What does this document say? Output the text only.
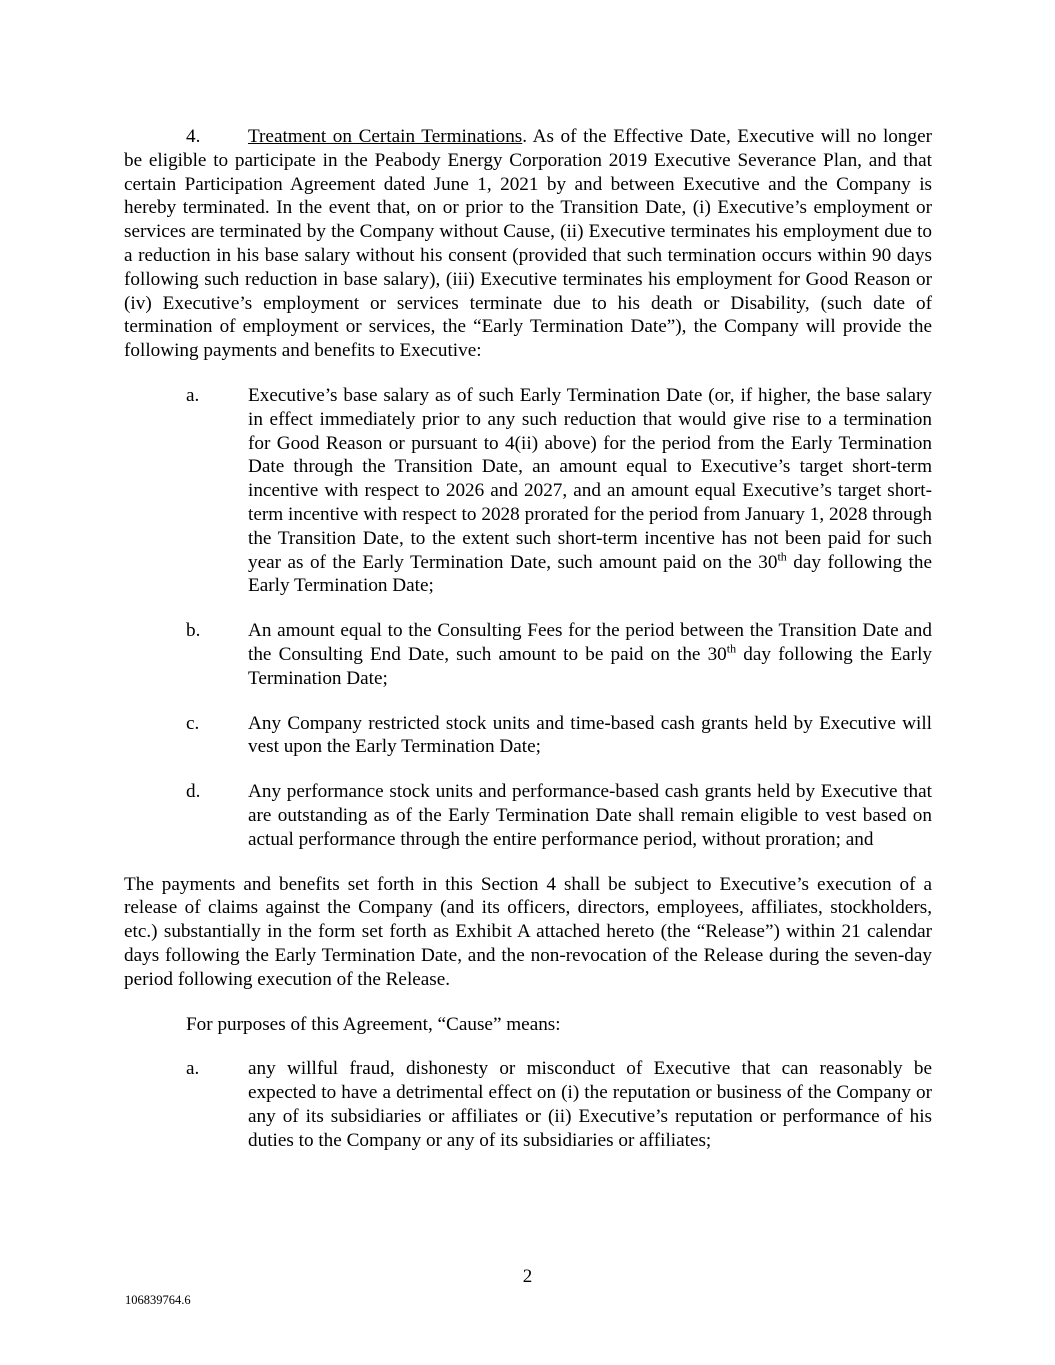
4. Treatment on Certain Terminations. As of the Effective Date, Executive will no longer be eligible to participate in the Peabody Energy Corporation 2019 Executive Severance Plan, and that certain Participation Agreement dated June 1, 2021 by and between Executive and the Company is hereby terminated. In the event that, on or prior to the Transition Date, (i) Executive’s employment or services are terminated by the Company without Cause, (ii) Executive terminates his employment due to a reduction in his base salary without his consent (provided that such termination occurs within 90 days following such reduction in base salary), (iii) Executive terminates his employment for Good Reason or (iv) Executive’s employment or services terminate due to his death or Disability, (such date of termination of employment or services, the “Early Termination Date”), the Company will provide the following payments and benefits to Executive:

a.	Executive’s base salary as of such Early Termination Date (or, if higher, the base salary in effect immediately prior to any such reduction that would give rise to a termination for Good Reason or pursuant to 4(ii) above) for the period from the Early Termination Date through the Transition Date, an amount equal to Executive’s target short-term incentive with respect to 2026 and 2027, and an amount equal Executive’s target short-term incentive with respect to 2028 prorated for the period from January 1, 2028 through the Transition Date, to the extent such short-term incentive has not been paid for such year as of the Early Termination Date, such amount paid on the 30th day following the Early Termination Date;
b.	An amount equal to the Consulting Fees for the period between the Transition Date and the Consulting End Date, such amount to be paid on the 30th day following the Early Termination Date;
c.	Any Company restricted stock units and time-based cash grants held by Executive will vest upon the Early Termination Date;
d.	Any performance stock units and performance-based cash grants held by Executive that are outstanding as of the Early Termination Date shall remain eligible to vest based on actual performance through the entire performance period, without proration; and

The payments and benefits set forth in this Section 4 shall be subject to Executive’s execution of a release of claims against the Company (and its officers, directors, employees, affiliates, stockholders, etc.) substantially in the form set forth as Exhibit A attached hereto (the “Release”) within 21 calendar days following the Early Termination Date, and the non-revocation of the Release during the seven-day period following execution of the Release.

For purposes of this Agreement, “Cause” means:

a.	any willful fraud, dishonesty or misconduct of Executive that can reasonably be expected to have a detrimental effect on (i) the reputation or business of the Company or any of its subsidiaries or affiliates or (ii) Executive’s reputation or performance of his duties to the Company or any of its subsidiaries or affiliates;
2
106839764.6
